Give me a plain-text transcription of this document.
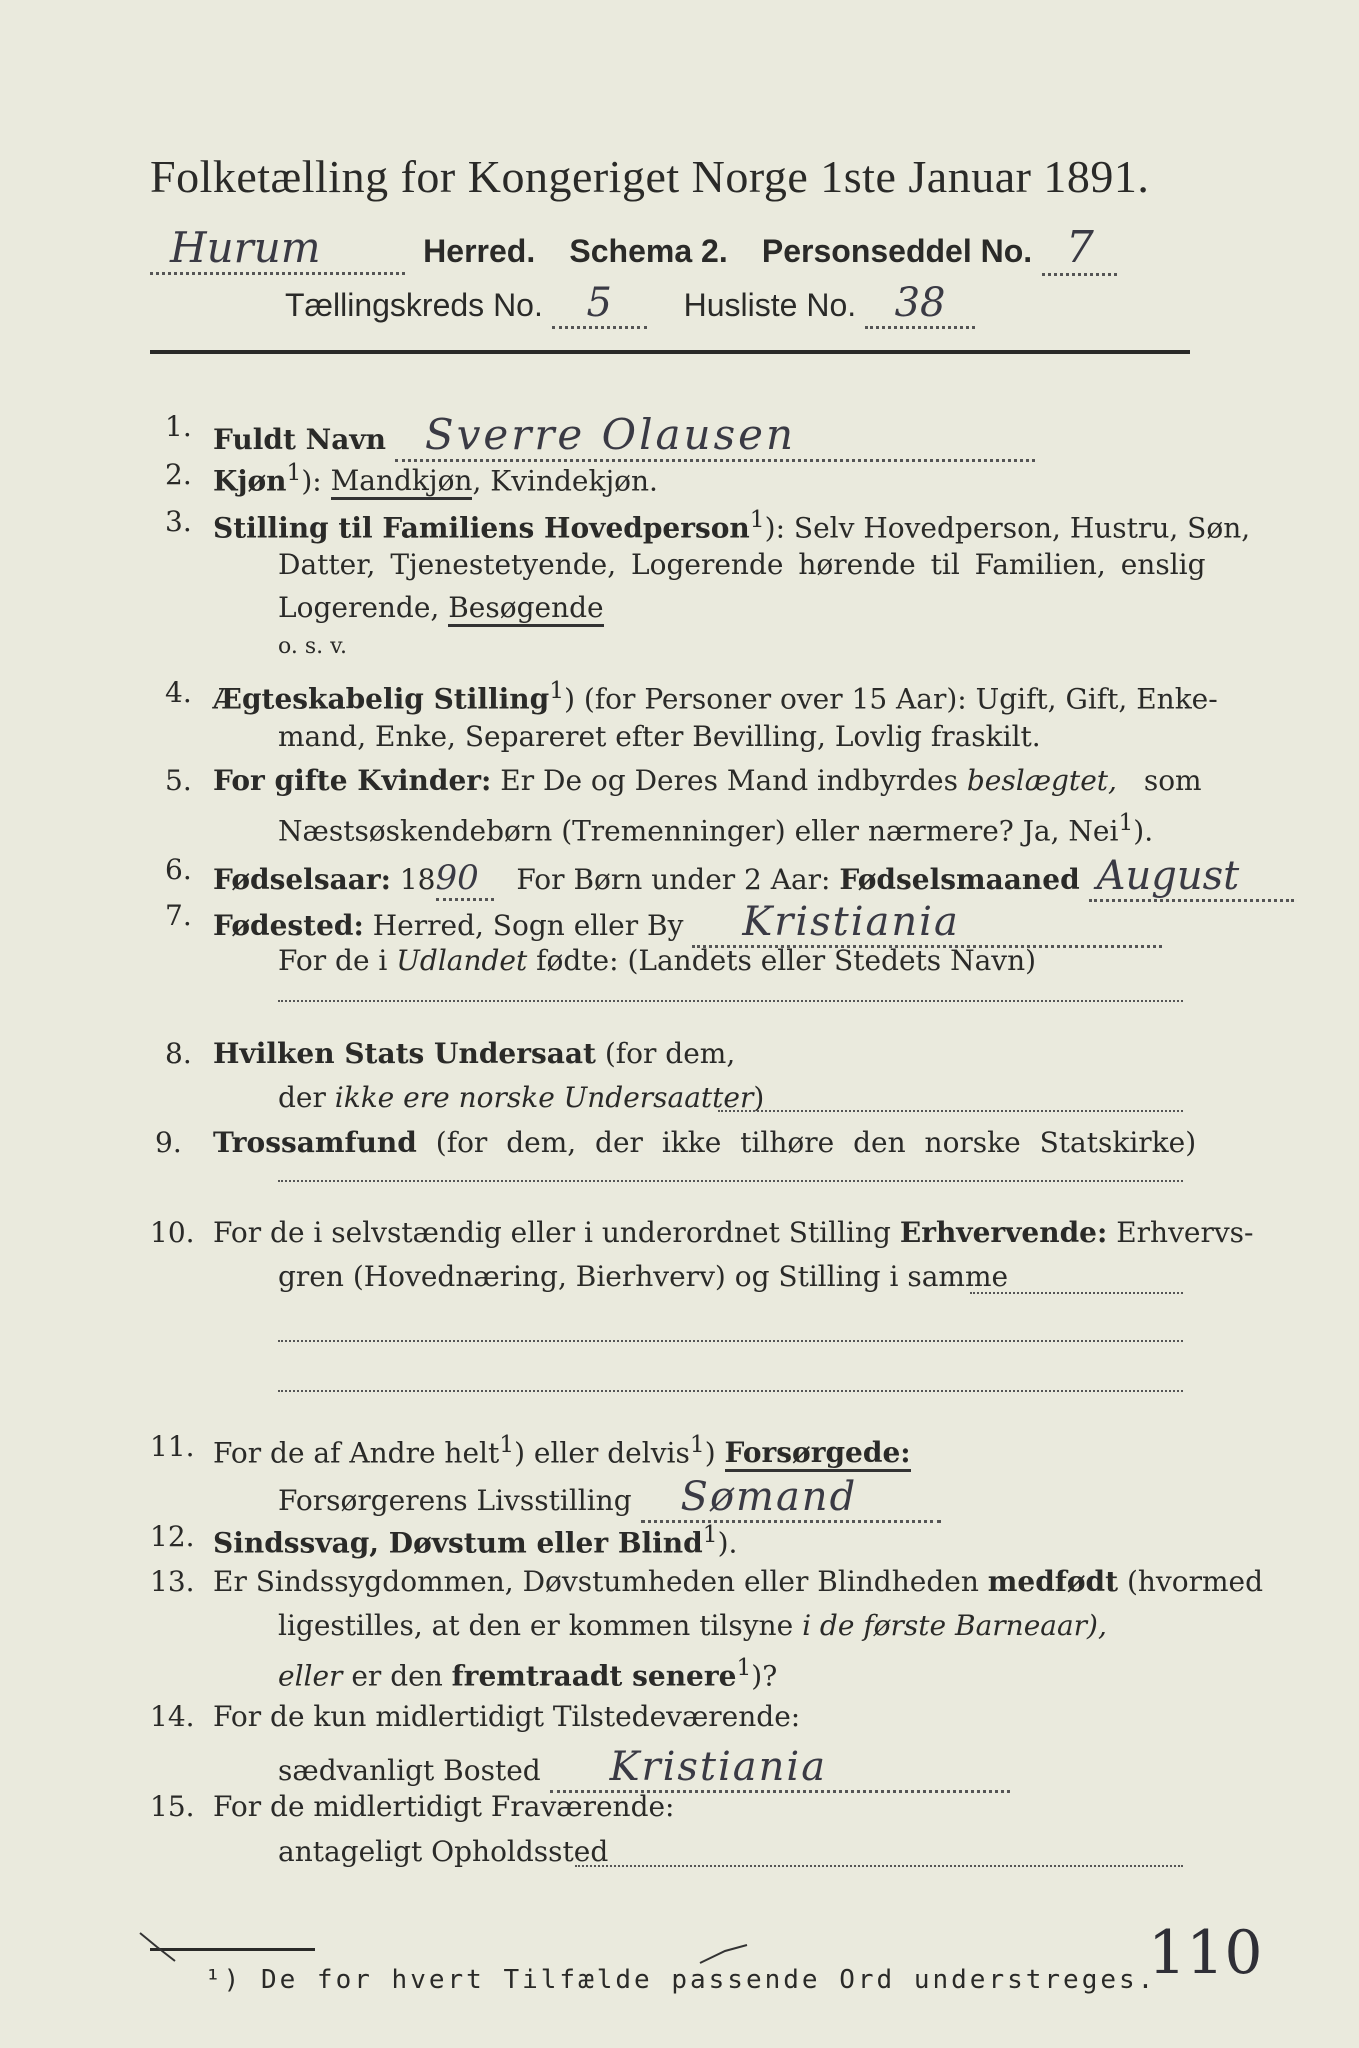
Folketælling for Kongeriget Norge 1ste Januar 1891.
Hurum	Herred. Schema 2. Personseddel No. 7
Tællingskreds No. 5 Husliste No. 38
1. Fuldt Navn Sverre Olausen
2. Kjøn$^1$): Mandkjøn, Kvindekjøn.
3. Stilling til Familiens Hovedperson$^1$): Selv Hovedperson, Hustru, Søn,
Datter, Tjenestetyende, Logerende hørende til Familien, enslig
Logerende, Besøgende
o. s. v.
4. Ægteskabelig Stilling$^1$) (for Personer over 15 Aar): Ugift, Gift, Enke-
mand, Enke, Separeret efter Bevilling, Lovlig fraskilt.
5. For gifte Kvinder: Er De og Deres Mand indbyrdes beslægtet, som
Næstsøskendebørn (Tremenninger) eller nærmere? Ja, Nei$^1$).
6. Fødselsaar: 1890 For Børn under 2 Aar: Fødselsmaaned August
7. Fødested: Herred, Sogn eller By Kristiania
For de i Udlandet fødte: (Landets eller Stedets Navn)
8. Hvilken Stats Undersaat (for dem,
der ikke ere norske Undersaatter)
9. Trossamfund (for dem, der ikke tilhøre den norske Statskirke)
10. For de i selvstændig eller i underordnet Stilling Erhvervende: Erhvervs-
gren (Hovednæring, Bierhverv) og Stilling i samme
11. For de af Andre helt$^1$) eller delvis$^1$) Forsørgede:
Forsørgerens Livsstilling Sømand
12. Sindssvag, Døvstum eller Blind$^1$).
13. Er Sindssygdommen, Døvstumheden eller Blindheden medfødt (hvormed
ligestilles, at den er kommen tilsyne i de første Barneaar),
eller er den fremtraadt senere$^1$)?
14. For de kun midlertidigt Tilstedeværende:
sædvanligt Bosted Kristiania
15. For de midlertidigt Fraværende:
antageligt Opholdssted
¹) De for hvert Tilfælde passende Ord understreges.
110
